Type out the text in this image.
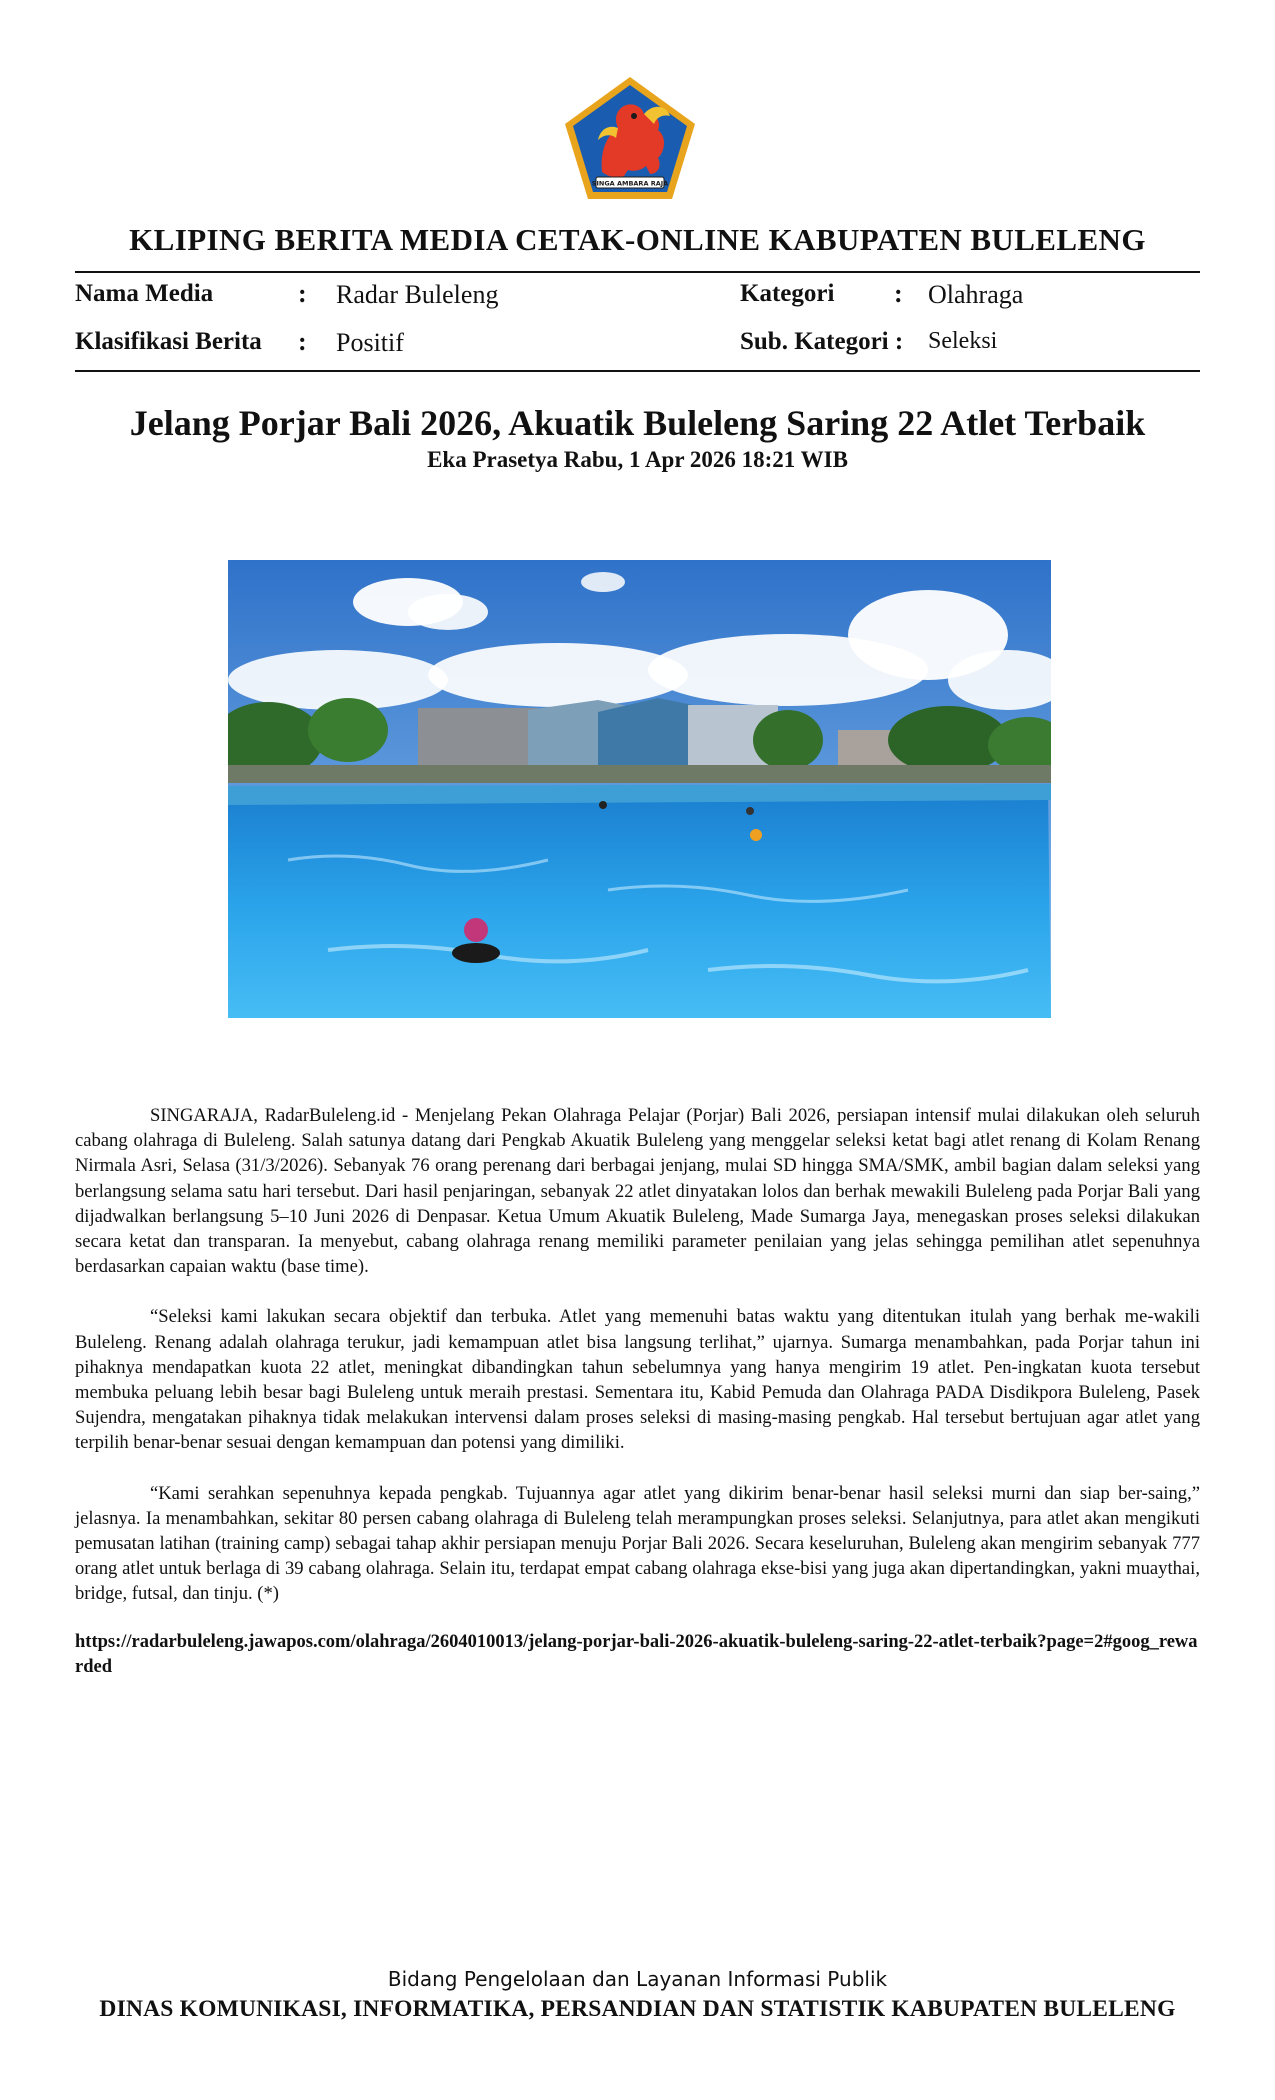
SINGA AMBARA RAJA
KLIPING BERITA MEDIA CETAK-ONLINE KABUPATEN BULELENG
Nama Media	: Radar Buleleng	Kategori : Olahraga
Klasifikasi Berita : Positif	Sub. Kategori : Seleksi
Jelang Porjar Bali 2026, Akuatik Buleleng Saring 22 Atlet Terbaik
Eka Prasetya Rabu, 1 Apr 2026 18:21 WIB

SINGARAJA, RadarBuleleng.id - Menjelang Pekan Olahraga Pelajar (Porjar) Bali 2026, persiapan intensif mulai dilakukan oleh seluruh cabang olahraga di Buleleng. Salah satunya datang dari Pengkab Akuatik Buleleng yang menggelar seleksi ketat bagi atlet renang di Kolam Renang Nirmala Asri, Selasa (31/3/2026). Sebanyak 76 orang perenang dari berbagai jenjang, mulai SD hingga SMA/SMK, ambil bagian dalam seleksi yang berlangsung selama satu hari tersebut. Dari hasil penjaringan, sebanyak 22 atlet dinyatakan lolos dan berhak mewakili Buleleng pada Porjar Bali yang dijadwalkan berlangsung 5–10 Juni 2026 di Denpasar. Ketua Umum Akuatik Buleleng, Made Sumarga Jaya, menegaskan proses seleksi dilakukan secara ketat dan transparan. Ia menyebut, cabang olahraga renang memiliki parameter penilaian yang jelas sehingga pemilihan atlet sepenuhnya berdasarkan capaian waktu (base time).

“Seleksi kami lakukan secara objektif dan terbuka. Atlet yang memenuhi batas waktu yang ditentukan itulah yang berhak me-wakili Buleleng. Renang adalah olahraga terukur, jadi kemampuan atlet bisa langsung terlihat,” ujarnya. Sumarga menambahkan, pada Porjar tahun ini pihaknya mendapatkan kuota 22 atlet, meningkat dibandingkan tahun sebelumnya yang hanya mengirim 19 atlet. Pen-ingkatan kuota tersebut membuka peluang lebih besar bagi Buleleng untuk meraih prestasi. Sementara itu, Kabid Pemuda dan Olahraga PADA Disdikpora Buleleng, Pasek Sujendra, mengatakan pihaknya tidak melakukan intervensi dalam proses seleksi di masing-masing pengkab. Hal tersebut bertujuan agar atlet yang terpilih benar-benar sesuai dengan kemampuan dan potensi yang dimiliki.

“Kami serahkan sepenuhnya kepada pengkab. Tujuannya agar atlet yang dikirim benar-benar hasil seleksi murni dan siap ber-saing,” jelasnya. Ia menambahkan, sekitar 80 persen cabang olahraga di Buleleng telah merampungkan proses seleksi. Selanjutnya, para atlet akan mengikuti pemusatan latihan (training camp) sebagai tahap akhir persiapan menuju Porjar Bali 2026. Secara keseluruhan, Buleleng akan mengirim sebanyak 777 orang atlet untuk berlaga di 39 cabang olahraga. Selain itu, terdapat empat cabang olahraga ekse-bisi yang juga akan dipertandingkan, yakni muaythai, bridge, futsal, dan tinju. (*)

https://radarbuleleng.jawapos.com/olahraga/2604010013/jelang-porjar-bali-2026-akuatik-buleleng-saring-22-atlet-terbaik?page=2#goog_rewarded
Bidang Pengelolaan dan Layanan Informasi Publik
DINAS KOMUNIKASI, INFORMATIKA, PERSANDIAN DAN STATISTIK KABUPATEN BULELENG
